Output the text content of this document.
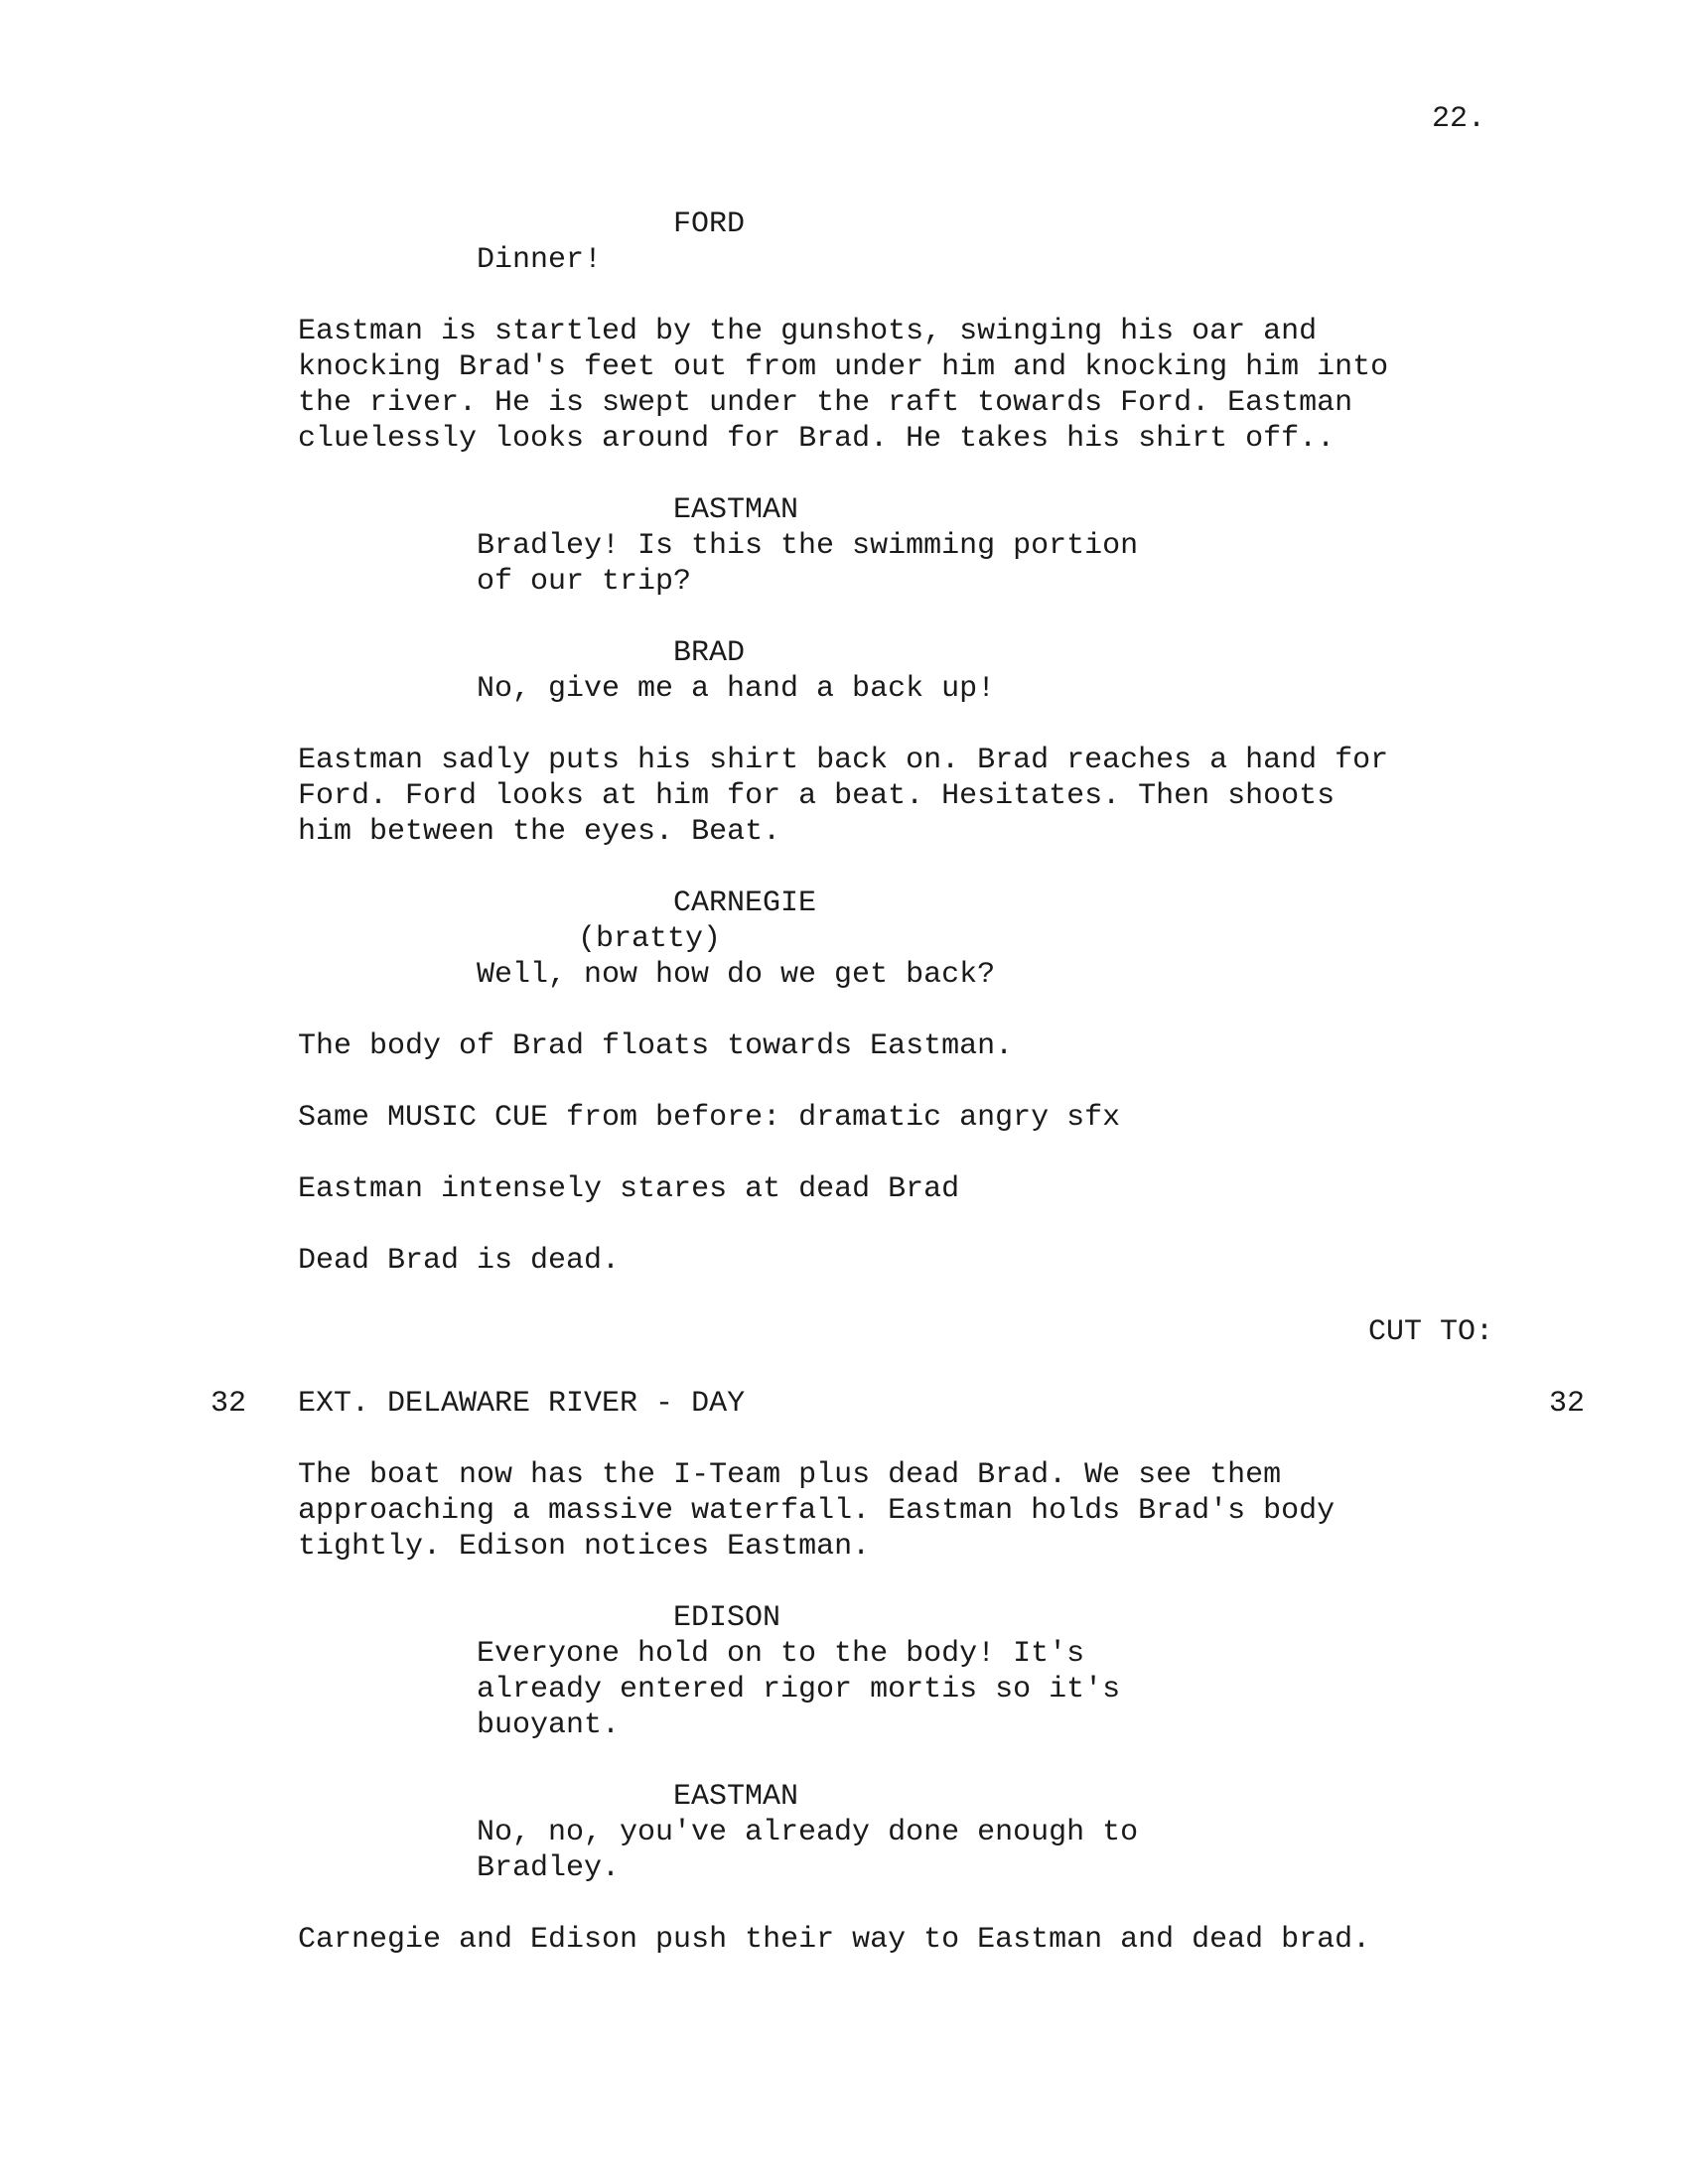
22.
FORD
Dinner!
Eastman is startled by the gunshots, swinging his oar and
knocking Brad's feet out from under him and knocking him into
the river. He is swept under the raft towards Ford. Eastman
cluelessly looks around for Brad. He takes his shirt off..
EASTMAN
Bradley! Is this the swimming portion
of our trip?
BRAD
No, give me a hand a back up!
Eastman sadly puts his shirt back on. Brad reaches a hand for
Ford. Ford looks at him for a beat. Hesitates. Then shoots
him between the eyes. Beat.
CARNEGIE
(bratty)
Well, now how do we get back?
The body of Brad floats towards Eastman.
Same MUSIC CUE from before: dramatic angry sfx
Eastman intensely stares at dead Brad
Dead Brad is dead.
CUT TO:
32 EXT. DELAWARE RIVER - DAY	32
The boat now has the I-Team plus dead Brad. We see them
approaching a massive waterfall. Eastman holds Brad's body
tightly. Edison notices Eastman.
EDISON
Everyone hold on to the body! It's
already entered rigor mortis so it's
buoyant.
EASTMAN
No, no, you've already done enough to
Bradley.
Carnegie and Edison push their way to Eastman and dead brad.
